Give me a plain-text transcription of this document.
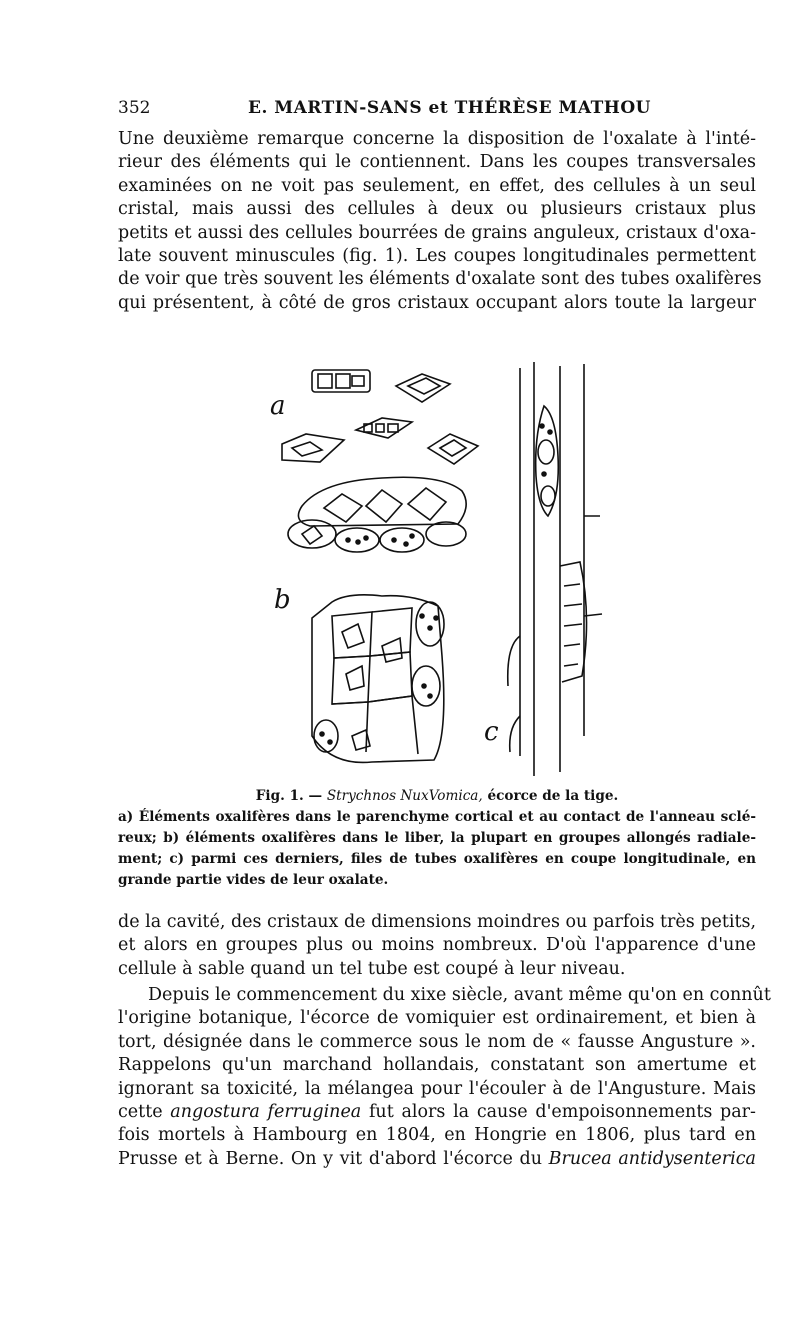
352	E. MARTIN-SANS et THÉRÈSE MATHOU

Une deuxième remarque concerne la disposition de l'oxalate à l'inté-
rieur des éléments qui le contiennent. Dans les coupes transversales
examinées on ne voit pas seulement, en effet, des cellules à un seul
cristal, mais aussi des cellules à deux ou plusieurs cristaux plus
petits et aussi des cellules bourrées de grains anguleux, cristaux d'oxa-
late souvent minuscules (fig. 1). Les coupes longitudinales permettent
de voir que très souvent les éléments d'oxalate sont des tubes oxalifères
qui présentent, à côté de gros cristaux occupant alors toute la largeur

a
b
c
Fig. 1. — Strychnos NuxVomica, écorce de la tige.
a) Éléments oxalifères dans le parenchyme cortical et au contact de l'anneau sclé-
reux; b) éléments oxalifères dans le liber, la plupart en groupes allongés radiale-
ment; c) parmi ces derniers, files de tubes oxalifères en coupe longitudinale, en
grande partie vides de leur oxalate.

de la cavité, des cristaux de dimensions moindres ou parfois très petits,
et alors en groupes plus ou moins nombreux. D'où l'apparence d'une
cellule à sable quand un tel tube est coupé à leur niveau.

Depuis le commencement du xixe siècle, avant même qu'on en connût
l'origine botanique, l'écorce de vomiquier est ordinairement, et bien à
tort, désignée dans le commerce sous le nom de « fausse Angusture ».
Rappelons qu'un marchand hollandais, constatant son amertume et
ignorant sa toxicité, la mélangea pour l'écouler à de l'Angusture. Mais
cette angostura ferruginea fut alors la cause d'empoisonnements par-
fois mortels à Hambourg en 1804, en Hongrie en 1806, plus tard en
Prusse et à Berne. On y vit d'abord l'écorce du Brucea antidysenterica
